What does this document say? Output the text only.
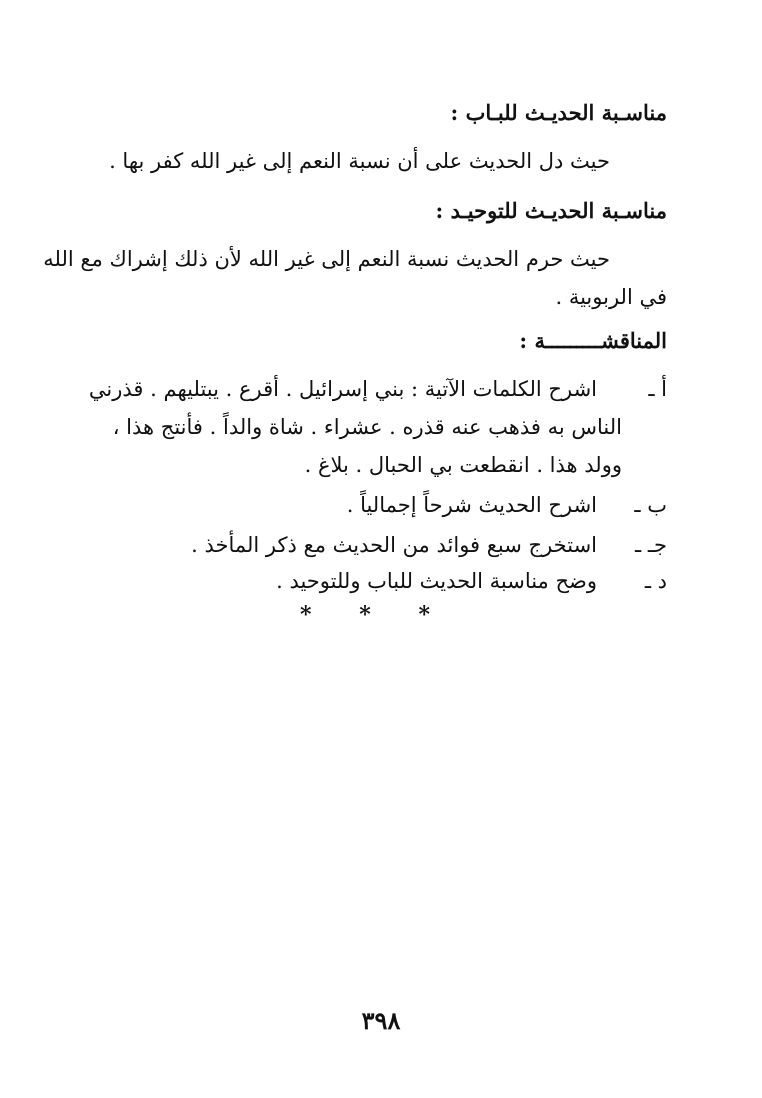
مناسـبة الحديـث للبـاب :
حيث دل الحديث على أن نسبة النعم إلى غير الله كفر بها .
مناسـبة الحديـث للتوحيـد :
حيث حرم الحديث نسبة النعم إلى غير الله لأن ذلك إشراك مع الله
في الربوبية .
المناقشـــــــــة :
أ ـ
اشرح الكلمات الآتية : بني إسرائيل . أقرع . يبتليهم . قذرني
الناس به فذهب عنه قذره . عشراء . شاة والداً . فأنتج هذا ،
وولد هذا . انقطعت بي الحبال . بلاغ .
ب ـ
اشرح الحديث شرحاً إجمالياً .
جـ ـ
استخرج سبع فوائد من الحديث مع ذكر المأخذ .
د ـ
وضح مناسبة الحديث للباب وللتوحيد .
* * *
٣٩٨
